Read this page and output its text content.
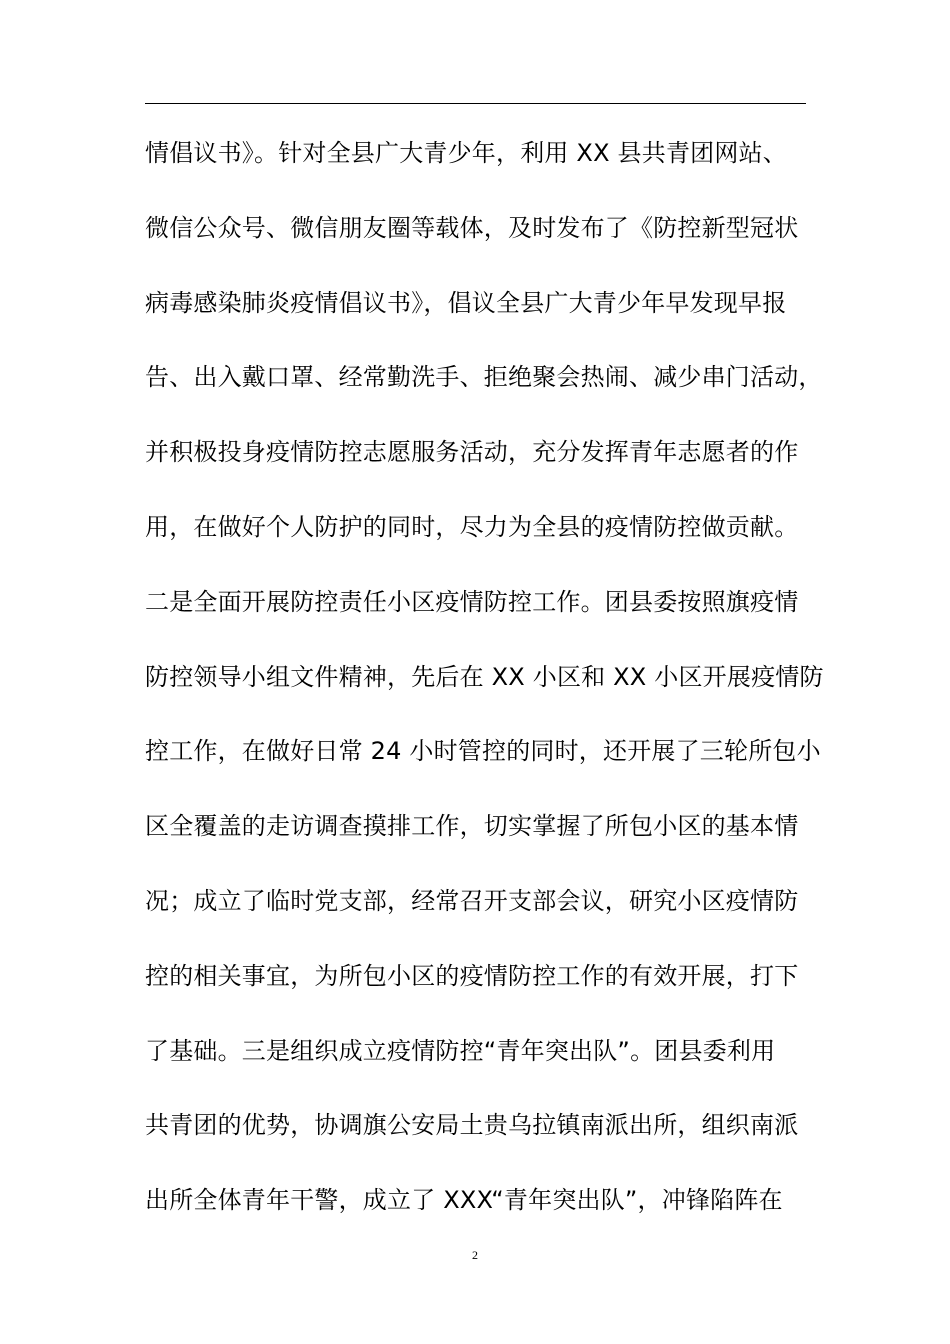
情倡议书》。针对全县广大青少年，利用 XX 县共青团网站、
微信公众号、微信朋友圈等载体，及时发布了《防控新型冠状
病毒感染肺炎疫情倡议书》，倡议全县广大青少年早发现早报
告、出入戴口罩、经常勤洗手、拒绝聚会热闹、减少串门活动，
并积极投身疫情防控志愿服务活动，充分发挥青年志愿者的作
用，在做好个人防护的同时，尽力为全县的疫情防控做贡献。
二是全面开展防控责任小区疫情防控工作。团县委按照旗疫情
防控领导小组文件精神，先后在 XX 小区和 XX 小区开展疫情防
控工作，在做好日常 24 小时管控的同时，还开展了三轮所包小
区全覆盖的走访调查摸排工作，切实掌握了所包小区的基本情
况；成立了临时党支部，经常召开支部会议，研究小区疫情防
控的相关事宜，为所包小区的疫情防控工作的有效开展，打下
了基础。三是组织成立疫情防控“青年突出队”。团县委利用
共青团的优势，协调旗公安局土贵乌拉镇南派出所，组织南派
出所全体青年干警，成立了 XXX“青年突出队”，冲锋陷阵在
2
